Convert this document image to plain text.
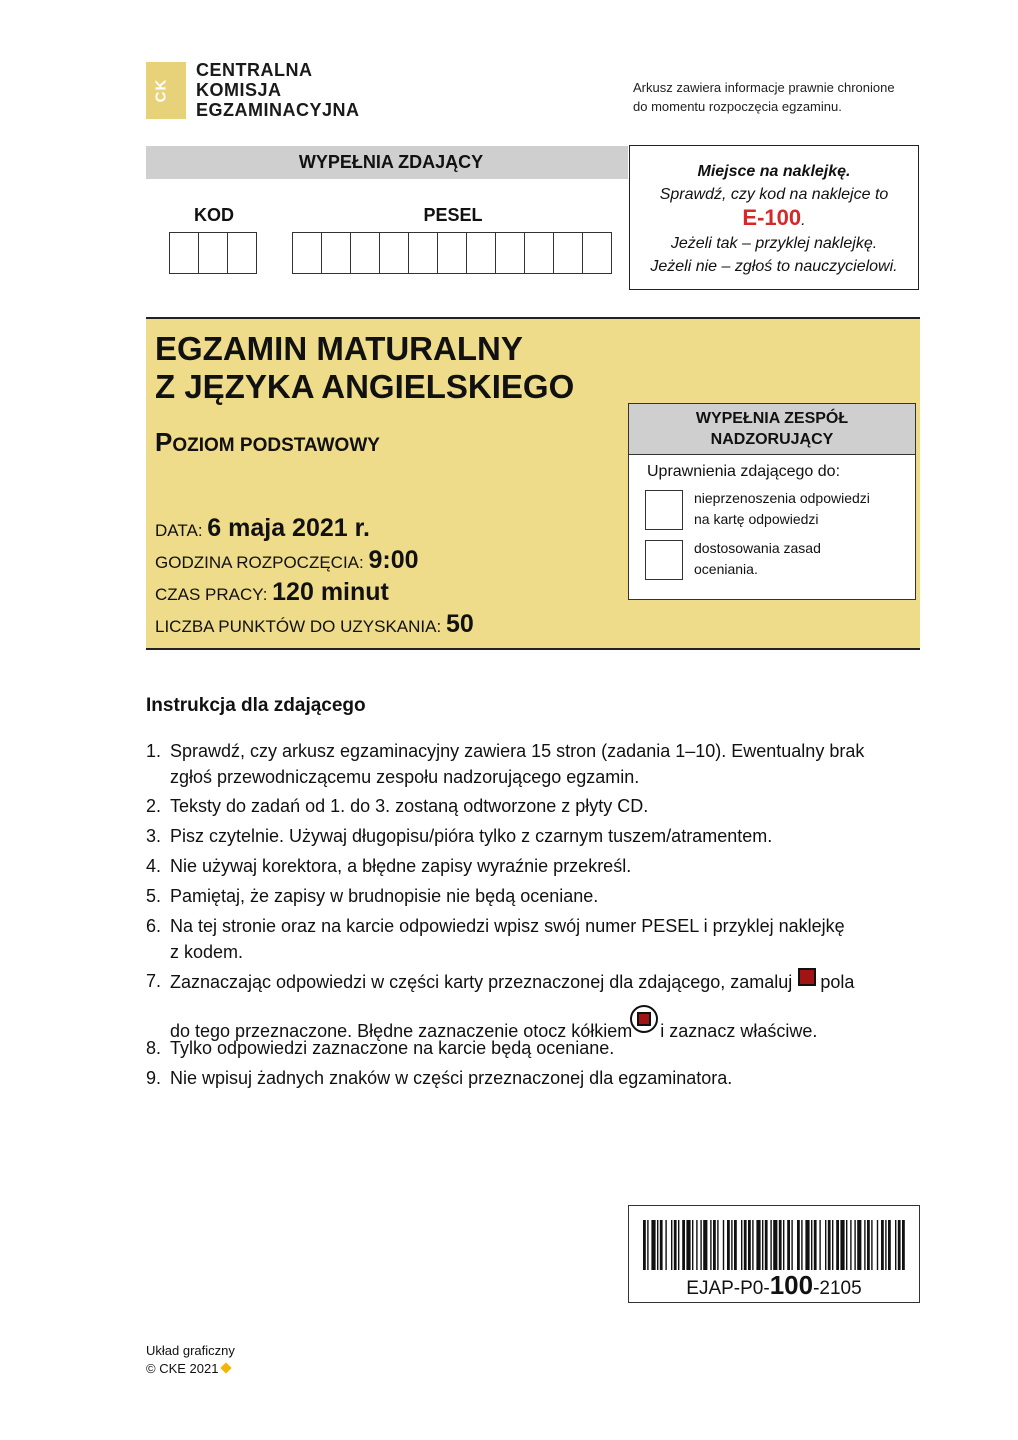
CK
CENTRALNA
KOMISJA
EGZAMINACYJNA
Arkusz zawiera informacje prawnie chronione
do momentu rozpoczęcia egzaminu.
WYPEŁNIA ZDAJĄCY
KOD	PESEL
Miejsce na naklejkę.
Sprawdź, czy kod na naklejce to
E-100.
Jeżeli tak – przyklej naklejkę.
Jeżeli nie – zgłoś to nauczycielowi.
EGZAMIN MATURALNY
Z JĘZYKA ANGIELSKIEGO
POZIOM PODSTAWOWY
DATA: 6 maja 2021 r.
GODZINA ROZPOCZĘCIA: 9:00
CZAS PRACY: 120 minut
LICZBA PUNKTÓW DO UZYSKANIA: 50
WYPEŁNIA ZESPÓŁ
NADZORUJĄCY
Uprawnienia zdającego do:
nieprzenoszenia odpowiedzi
na kartę odpowiedzi
dostosowania zasad
oceniania.
Instrukcja dla zdającego
1. Sprawdź, czy arkusz egzaminacyjny zawiera 15 stron (zadania 1–10). Ewentualny brak
zgłoś przewodniczącemu zespołu nadzorującego egzamin.
2. Teksty do zadań od 1. do 3. zostaną odtworzone z płyty CD.
3. Pisz czytelnie. Używaj długopisu/pióra tylko z czarnym tuszem/atramentem.
4. Nie używaj korektora, a błędne zapisy wyraźnie przekreśl.
5. Pamiętaj, że zapisy w brudnopisie nie będą oceniane.
6. Na tej stronie oraz na karcie odpowiedzi wpisz swój numer PESEL i przyklej naklejkę
z kodem.
7. Zaznaczając odpowiedzi w części karty przeznaczonej dla zdającego, zamaluj pola
do tego przeznaczone. Błędne zaznaczenie otocz kółkiem i zaznacz właściwe.
8. Tylko odpowiedzi zaznaczone na karcie będą oceniane.
9. Nie wpisuj żadnych znaków w części przeznaczonej dla egzaminatora.
EJAP-P0-100-2105
Układ graficzny
© CKE 2021
